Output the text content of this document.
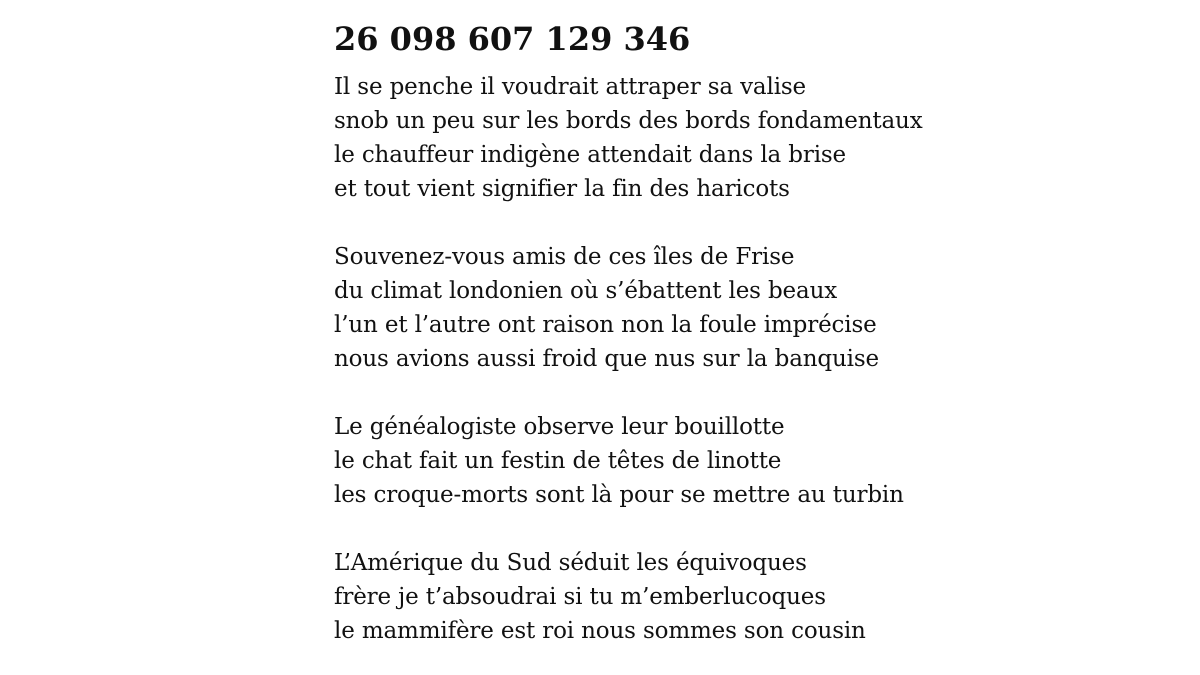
26 098 607 129 346
Il se penche il voudrait attraper sa valise
snob un peu sur les bords des bords fondamentaux
le chauffeur indigène attendait dans la brise
et tout vient signifier la fin des haricots
Souvenez-vous amis de ces îles de Frise
du climat londonien où s’ébattent les beaux
l’un et l’autre ont raison non la foule imprécise
nous avions aussi froid que nus sur la banquise
Le généalogiste observe leur bouillotte
le chat fait un festin de têtes de linotte
les croque-morts sont là pour se mettre au turbin
L’Amérique du Sud séduit les équivoques
frère je t’absoudrai si tu m’emberlucoques
le mammifère est roi nous sommes son cousin
